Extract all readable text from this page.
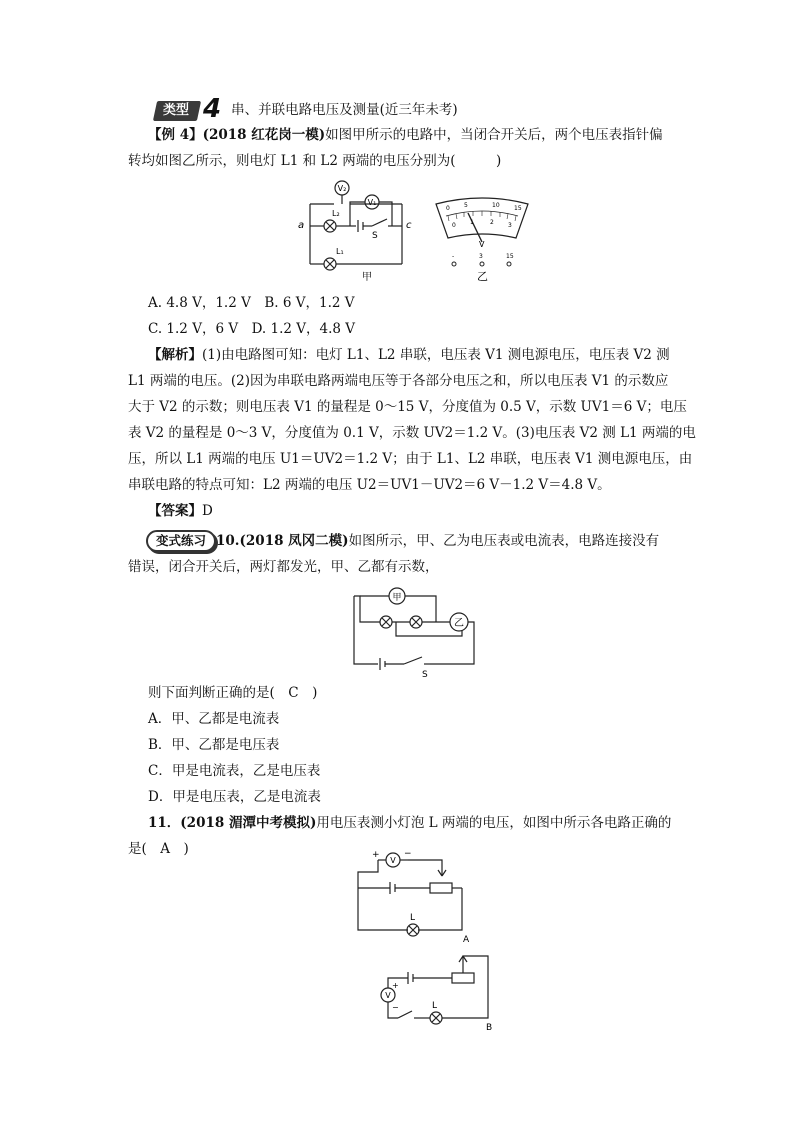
类型 4 串、并联电路电压及测量(近三年未考)
【例 4】(2018 红花岗一模)如图甲所示的电路中，当闭合开关后，两个电压表指针偏
转均如图乙所示，则电灯 L1 和 L2 两端的电压分别为(　　　)
V₂
V₁
L₂
L₁
S
a	c
甲
0 5	10 15
0 1	2 3
V
-	3	15
乙
A. 4.8 V，1.2 V　B. 6 V，1.2 V
C. 1.2 V，6 V　D. 1.2 V，4.8 V
【解析】(1)由电路图可知：电灯 L1、L2 串联，电压表 V1 测电源电压，电压表 V2 测
L1 两端的电压。(2)因为串联电路两端电压等于各部分电压之和，所以电压表 V1 的示数应
大于 V2 的示数；则电压表 V1 的量程是 0～15 V，分度值为 0.5 V，示数 UV1＝6 V；电压
表 V2 的量程是 0～3 V，分度值为 0.1 V，示数 UV2＝1.2 V。(3)电压表 V2 测 L1 两端的电
压，所以 L1 两端的电压 U1＝UV2＝1.2 V；由于 L1、L2 串联，电压表 V1 测电源电压，由
串联电路的特点可知：L2 两端的电压 U2＝UV1－UV2＝6 V－1.2 V＝4.8 V。
【答案】D
变式练习 10.(2018 凤冈二模)如图所示，甲、乙为电压表或电流表，电路连接没有
错误，闭合开关后，两灯都发光，甲、乙都有示数，
甲
乙
S
则下面判断正确的是(　C　)
A．甲、乙都是电流表
B．甲、乙都是电压表
C．甲是电流表，乙是电压表
D．甲是电压表，乙是电流表
11．(2018 湄潭中考模拟)用电压表测小灯泡 L 两端的电压，如图中所示各电路正确的
是(　A　)
V
+	−
L
A
V
+
−	L
B
